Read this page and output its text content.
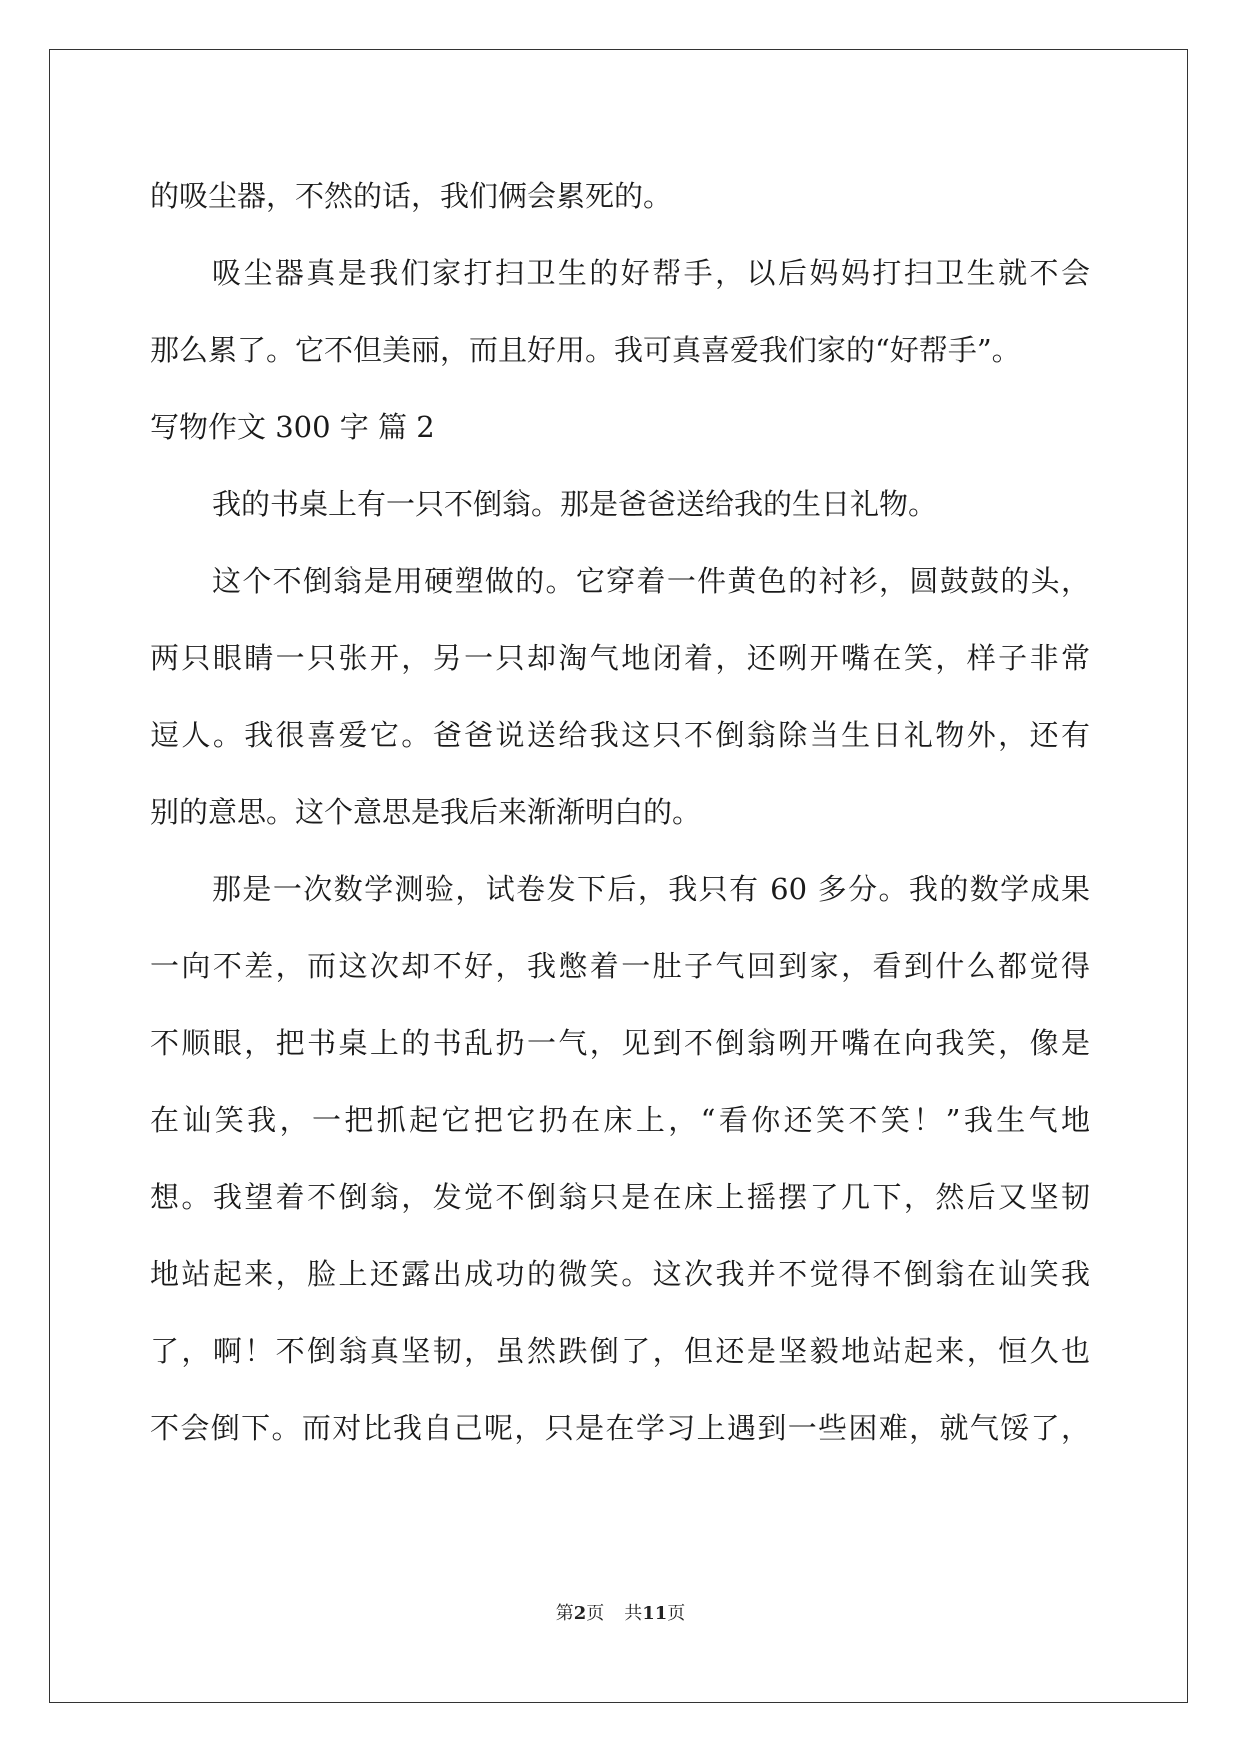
的吸尘器，不然的话，我们俩会累死的。
吸尘器真是我们家打扫卫生的好帮手，以后妈妈打扫卫生就不会
那么累了。它不但美丽，而且好用。我可真喜爱我们家的“好帮手”。
写物作文 300 字 篇 2
我的书桌上有一只不倒翁。那是爸爸送给我的生日礼物。
这个不倒翁是用硬塑做的。它穿着一件黄色的衬衫，圆鼓鼓的头，
两只眼睛一只张开，另一只却淘气地闭着，还咧开嘴在笑，样子非常
逗人。我很喜爱它。爸爸说送给我这只不倒翁除当生日礼物外，还有
别的意思。这个意思是我后来渐渐明白的。
那是一次数学测验，试卷发下后，我只有 60 多分。我的数学成果
一向不差，而这次却不好，我憋着一肚子气回到家，看到什么都觉得
不顺眼，把书桌上的书乱扔一气，见到不倒翁咧开嘴在向我笑，像是
在讪笑我，一把抓起它把它扔在床上，“看你还笑不笑！”我生气地
想。我望着不倒翁，发觉不倒翁只是在床上摇摆了几下，然后又坚韧
地站起来，脸上还露出成功的微笑。这次我并不觉得不倒翁在讪笑我
了，啊！不倒翁真坚韧，虽然跌倒了，但还是坚毅地站起来，恒久也
不会倒下。而对比我自己呢，只是在学习上遇到一些困难，就气馁了，
第2页 共11页
